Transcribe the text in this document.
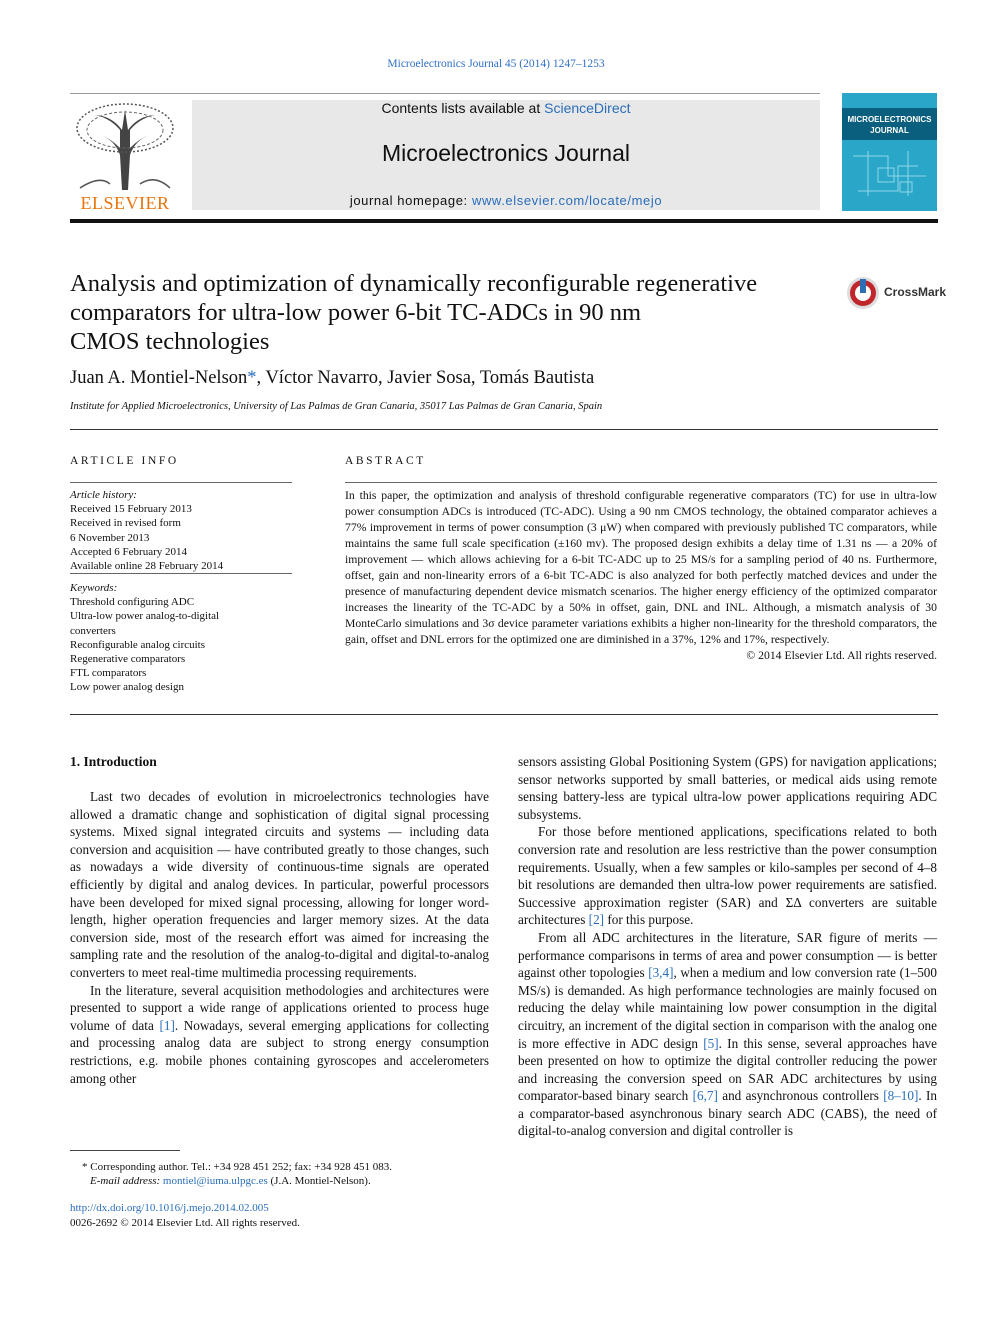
Microelectronics Journal 45 (2014) 1247–1253
ELSEVIER
Contents lists available at ScienceDirect
Microelectronics Journal
journal homepage: www.elsevier.com/locate/mejo
MICROELECTRONICS JOURNAL
Analysis and optimization of dynamically reconfigurable regenerative
comparators for ultra-low power 6-bit TC-ADCs in 90 nm
CMOS technologies
CrossMark
Juan A. Montiel-Nelson*, Víctor Navarro, Javier Sosa, Tomás Bautista
Institute for Applied Microelectronics, University of Las Palmas de Gran Canaria, 35017 Las Palmas de Gran Canaria, Spain
ARTICLE INFO
Article history:
Received 15 February 2013
Received in revised form
6 November 2013
Accepted 6 February 2014
Available online 28 February 2014
Keywords:
Threshold configuring ADC
Ultra-low power analog-to-digital
converters
Reconfigurable analog circuits
Regenerative comparators
FTL comparators
Low power analog design
ABSTRACT
In this paper, the optimization and analysis of threshold configurable regenerative comparators (TC) for use in ultra-low power consumption ADCs is introduced (TC-ADC). Using a 90 nm CMOS technology, the obtained comparator achieves a 77% improvement in terms of power consumption (3 μW) when compared with previously published TC comparators, while maintains the same full scale specification (±160 mv). The proposed design exhibits a delay time of 1.31 ns — a 20% of improvement — which allows achieving for a 6-bit TC-ADC up to 25 MS/s for a sampling period of 40 ns. Furthermore, offset, gain and non-linearity errors of a 6-bit TC-ADC is also analyzed for both perfectly matched devices and under the presence of manufacturing dependent device mismatch scenarios. The higher energy efficiency of the optimized comparator increases the linearity of the TC-ADC by a 50% in offset, gain, DNL and INL. Although, a mismatch analysis of 30 MonteCarlo simulations and 3σ device parameter variations exhibits a higher non-linearity for the threshold comparators, the gain, offset and DNL errors for the optimized one are diminished in a 37%, 12% and 17%, respectively.
© 2014 Elsevier Ltd. All rights reserved.
1. Introduction

Last two decades of evolution in microelectronics technologies have allowed a dramatic change and sophistication of digital signal processing systems. Mixed signal integrated circuits and systems — including data conversion and acquisition — have contributed greatly to those changes, such as nowadays a wide diversity of continuous-time signals are operated efficiently by digital and analog devices. In particular, powerful processors have been developed for mixed signal processing, allowing for longer word-length, higher operation frequencies and larger memory sizes. At the data conversion side, most of the research effort was aimed for increasing the sampling rate and the resolution of the analog-to-digital and digital-to-analog converters to meet real-time multimedia processing requirements.

In the literature, several acquisition methodologies and architectures were presented to support a wide range of applications oriented to process huge volume of data [1]. Nowadays, several emerging applications for collecting and processing analog data are subject to strong energy consumption restrictions, e.g. mobile phones containing gyroscopes and accelerometers among other

* Corresponding author. Tel.: +34 928 451 252; fax: +34 928 451 083.
E-mail address: montiel@iuma.ulpgc.es (J.A. Montiel-Nelson).
http://dx.doi.org/10.1016/j.mejo.2014.02.005
0026-2692 © 2014 Elsevier Ltd. All rights reserved.

sensors assisting Global Positioning System (GPS) for navigation applications; sensor networks supported by small batteries, or medical aids using remote sensing battery-less are typical ultra-low power applications requiring ADC subsystems.

For those before mentioned applications, specifications related to both conversion rate and resolution are less restrictive than the power consumption requirements. Usually, when a few samples or kilo-samples per second of 4–8 bit resolutions are demanded then ultra-low power requirements are satisfied. Successive approximation register (SAR) and ΣΔ converters are suitable architectures [2] for this purpose.

From all ADC architectures in the literature, SAR figure of merits — performance comparisons in terms of area and power consumption — is better against other topologies [3,4], when a medium and low conversion rate (1–500 MS/s) is demanded. As high performance technologies are mainly focused on reducing the delay while maintaining low power consumption in the digital circuitry, an increment of the digital section in comparison with the analog one is more effective in ADC design [5]. In this sense, several approaches have been presented on how to optimize the digital controller reducing the power and increasing the conversion speed on SAR ADC architectures by using comparator-based binary search [6,7] and asynchronous controllers [8–10]. In a comparator-based asynchronous binary search ADC (CABS), the need of digital-to-analog conversion and digital controller is
